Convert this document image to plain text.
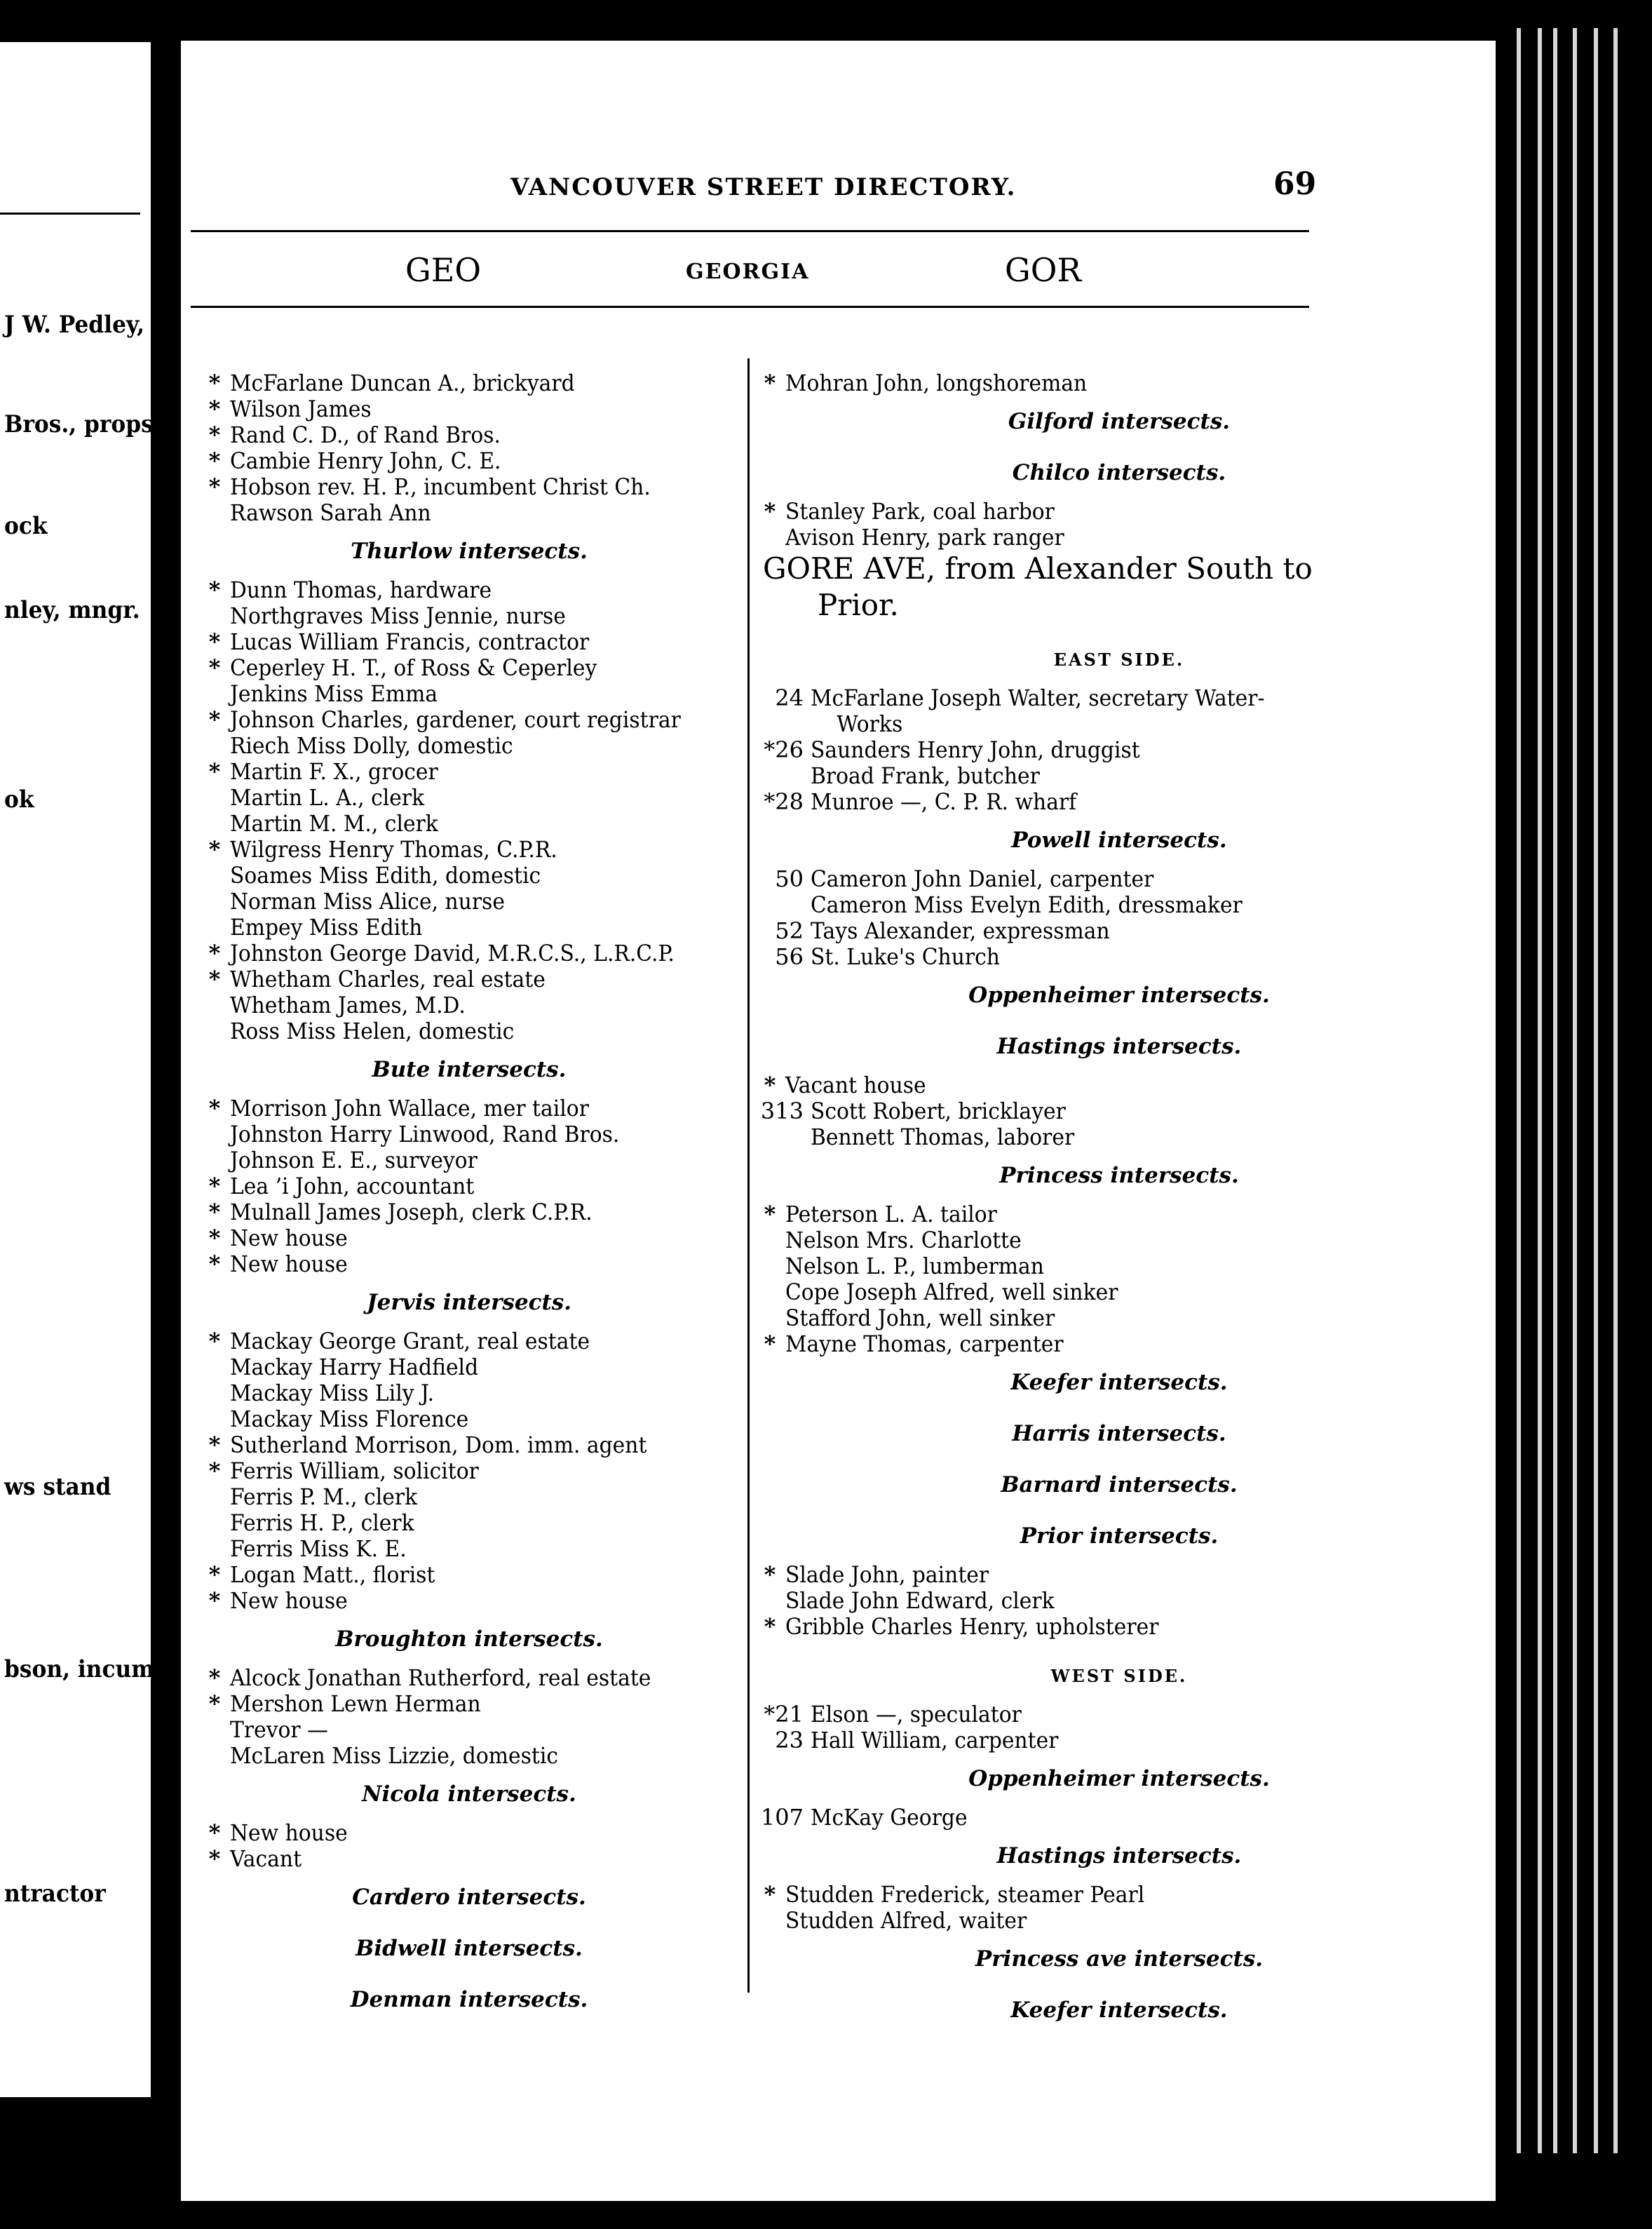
J W. Pedley,
Bros., props
ock
nley, mngr.
ok
ws stand
bson, incum-
ntractor
VANCOUVER STREET DIRECTORY.	69
GEO	GEORGIA	GOR
* McFarlane Duncan A., brickyard
* Wilson James
* Rand C. D., of Rand Bros.
* Cambie Henry John, C. E.
* Hobson rev. H. P., incumbent Christ Ch.
Rawson Sarah Ann
Thurlow intersects.
* Dunn Thomas, hardware
Northgraves Miss Jennie, nurse
* Lucas William Francis, contractor
* Ceperley H. T., of Ross & Ceperley
Jenkins Miss Emma
* Johnson Charles, gardener, court registrar
Riech Miss Dolly, domestic
* Martin F. X., grocer
Martin L. A., clerk
Martin M. M., clerk
* Wilgress Henry Thomas, C.P.R.
Soames Miss Edith, domestic
Norman Miss Alice, nurse
Empey Miss Edith
* Johnston George David, M.R.C.S., L.R.C.P.
* Whetham Charles, real estate
Whetham James, M.D.
Ross Miss Helen, domestic
Bute intersects.
* Morrison John Wallace, mer tailor
Johnston Harry Linwood, Rand Bros.
Johnson E. E., surveyor
* Lea ’i John, accountant
* Mulnall James Joseph, clerk C.P.R.
* New house
* New house
Jervis intersects.
* Mackay George Grant, real estate
Mackay Harry Hadfield
Mackay Miss Lily J.
Mackay Miss Florence
* Sutherland Morrison, Dom. imm. agent
* Ferris William, solicitor
Ferris P. M., clerk
Ferris H. P., clerk
Ferris Miss K. E.
* Logan Matt., florist
* New house
Broughton intersects.
* Alcock Jonathan Rutherford, real estate
* Mershon Lewn Herman
Trevor —
McLaren Miss Lizzie, domestic
Nicola intersects.
* New house
* Vacant
Cardero intersects.
Bidwell intersects.
Denman intersects.
* Mohran John, longshoreman
Gilford intersects.
Chilco intersects.
* Stanley Park, coal harbor
Avison Henry, park ranger
GORE AVE, from Alexander South to
Prior.
EAST SIDE.
24 McFarlane Joseph Walter, secretary Water-
Works
*26 Saunders Henry John, druggist
Broad Frank, butcher
*28 Munroe —, C. P. R. wharf
Powell intersects.
50 Cameron John Daniel, carpenter
Cameron Miss Evelyn Edith, dressmaker
52 Tays Alexander, expressman
56 St. Luke's Church
Oppenheimer intersects.
Hastings intersects.
* Vacant house
313 Scott Robert, bricklayer
Bennett Thomas, laborer
Princess intersects.
* Peterson L. A. tailor
Nelson Mrs. Charlotte
Nelson L. P., lumberman
Cope Joseph Alfred, well sinker
Stafford John, well sinker
* Mayne Thomas, carpenter
Keefer intersects.
Harris intersects.
Barnard intersects.
Prior intersects.
* Slade John, painter
Slade John Edward, clerk
* Gribble Charles Henry, upholsterer
WEST SIDE.
*21 Elson —, speculator
23 Hall William, carpenter
Oppenheimer intersects.
107 McKay George
Hastings intersects.
* Studden Frederick, steamer Pearl
Studden Alfred, waiter
Princess ave intersects.
Keefer intersects.
